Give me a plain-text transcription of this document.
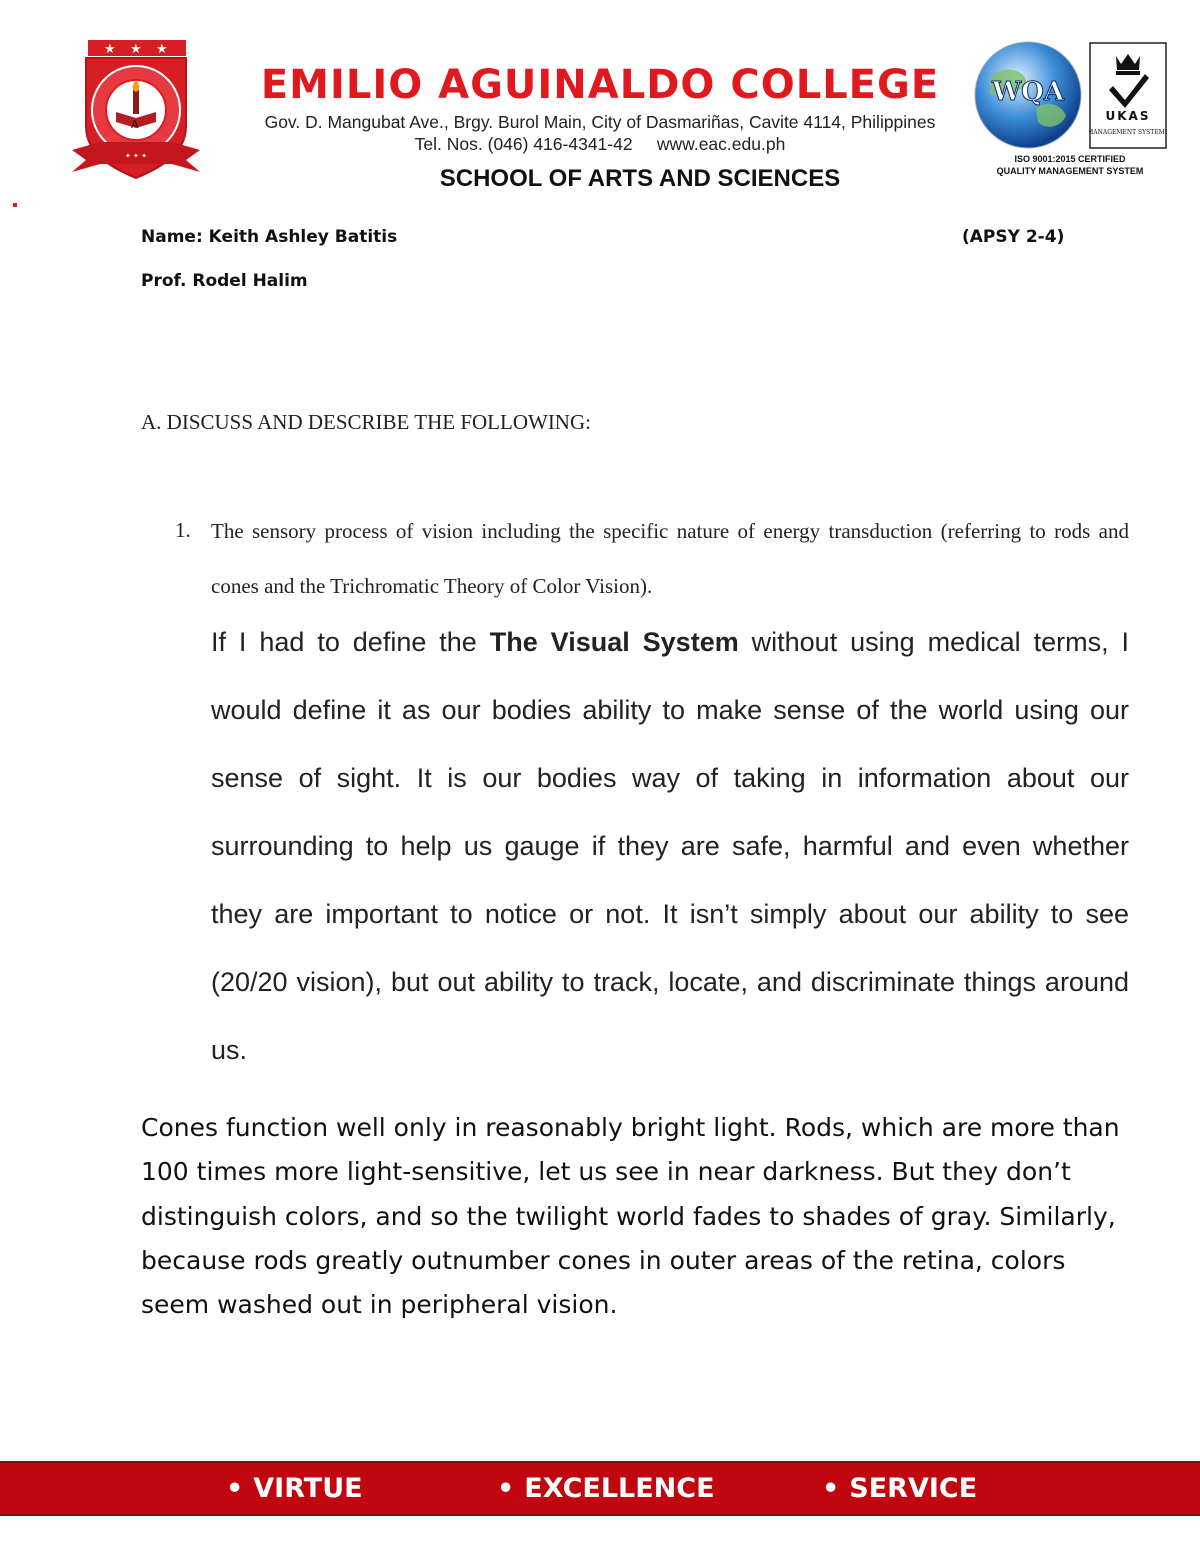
★ ★ ★
A
✦ ✦ ✦
EMILIO AGUINALDO COLLEGE
Gov. D. Mangubat Ave., Brgy. Burol Main, City of Dasmariñas, Cavite 4114, Philippines
Tel. Nos. (046) 416-4341-42     www.eac.edu.ph
SCHOOL OF ARTS AND SCIENCES
WQA
UKAS
MANAGEMENT SYSTEMS
ISO 9001:2015 CERTIFIED
QUALITY MANAGEMENT SYSTEM
Name: Keith Ashley Batitis	(APSY 2-4)
Prof. Rodel Halim
A. DISCUSS AND DESCRIBE THE FOLLOWING:
1. The sensory process of vision including the specific nature of energy transduction (referring to rods and cones and the Trichromatic Theory of Color Vision).

If I had to define the The Visual System without using medical terms, I would define it as our bodies ability to make sense of the world using our sense of sight. It is our bodies way of taking in information about our surrounding to help us gauge if they are safe, harmful and even whether they are important to notice or not. It isn’t simply about our ability to see (20/20 vision), but out ability to track, locate, and discriminate things around us.

Cones function well only in reasonably bright light. Rods, which are more than 100 times more light-sensitive, let us see in near darkness. But they don’t distinguish colors, and so the twilight world fades to shades of gray. Similarly, because rods greatly outnumber cones in outer areas of the retina, colors seem washed out in peripheral vision.

• VIRTUE	• EXCELLENCE	• SERVICE
